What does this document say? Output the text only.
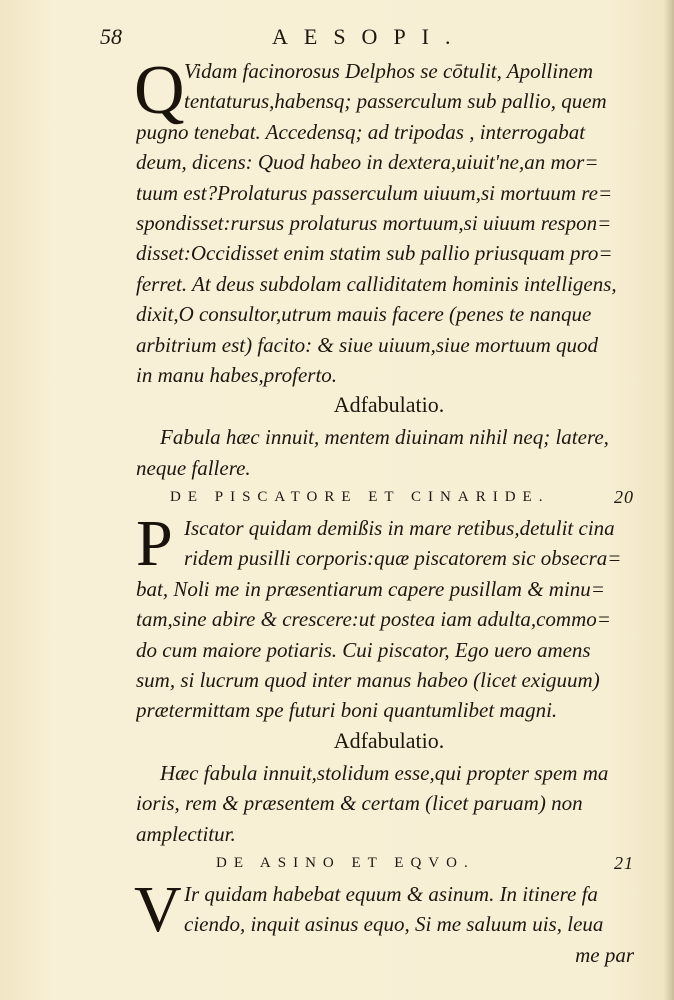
58	AESOPI.
Q Vidam facinorosus Delphos se cōtulit, Apollinem
tentaturus,habensq; passerculum sub pallio, quem
pugno tenebat. Accedensq; ad tripodas , interrogabat
deum, dicens: Quod habeo in dextera,uiuit'ne,an mor=
tuum est?Prolaturus passerculum uiuum,si mortuum re=
spondisset:rursus prolaturus mortuum,si uiuum respon=
disset:Occidisset enim statim sub pallio priusquam pro=
ferret. At deus subdolam calliditatem hominis intelligens,
dixit,O consultor,utrum mauis facere (penes te nanque
arbitrium est) facito: & siue uiuum,siue mortuum quod
in manu habes,proferto.
Adfabulatio.
Fabula hæc innuit, mentem diuinam nihil neq; latere,
neque fallere.
DE PISCATORE ET CINARIDE.	20
P Iscator quidam demißis in mare retibus,detulit cina
ridem pusilli corporis:quæ piscatorem sic obsecra=
bat, Noli me in præsentiarum capere pusillam & minu=
tam,sine abire & crescere:ut postea iam adulta,commo=
do cum maiore potiaris. Cui piscator, Ego uero amens
sum, si lucrum quod inter manus habeo (licet exiguum)
prætermittam spe futuri boni quantumlibet magni.
Adfabulatio.
Hæc fabula innuit,stolidum esse,qui propter spem ma
ioris, rem & præsentem & certam (licet paruam) non
amplectitur.
DE ASINO ET EQVO.	21
V Ir quidam habebat equum & asinum. In itinere fa
ciendo, inquit asinus equo, Si me saluum uis, leua
me par
